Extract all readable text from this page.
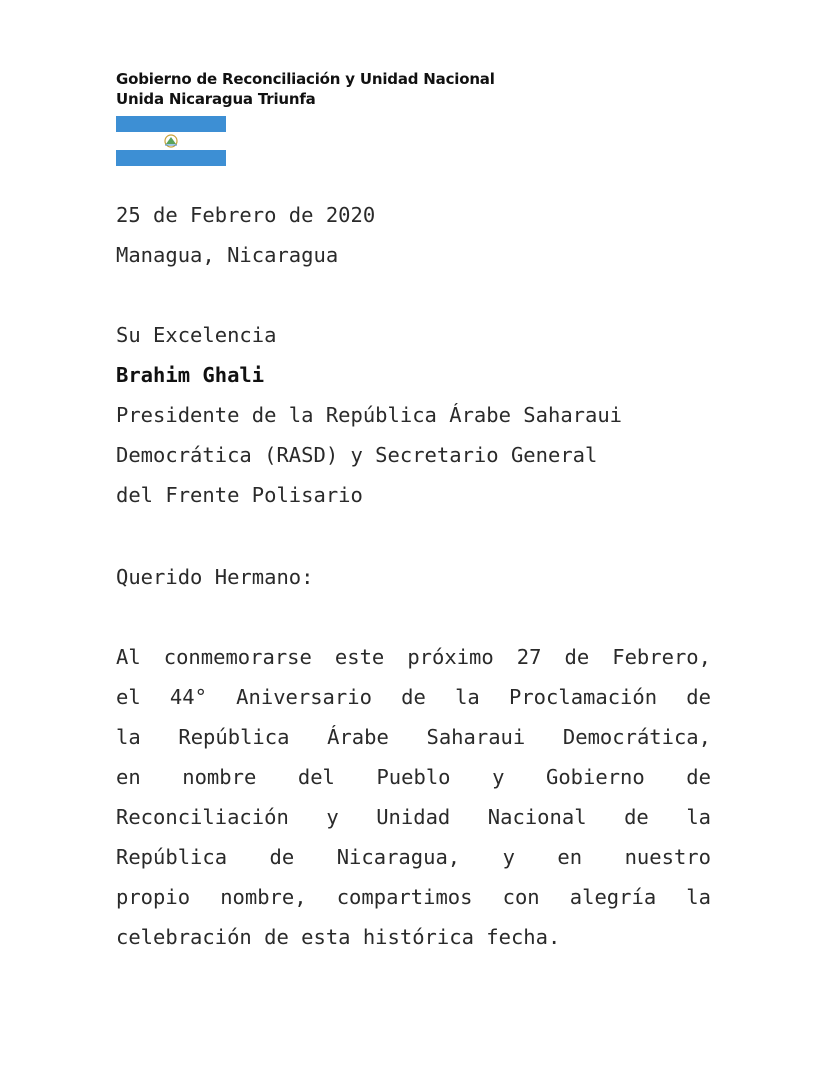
Gobierno de Reconciliación y Unidad Nacional
Unida Nicaragua Triunfa
25 de Febrero de 2020
Managua, Nicaragua
Su Excelencia
Brahim Ghali
Presidente de la República Árabe Saharaui
Democrática (RASD) y Secretario General
del Frente Polisario
Querido Hermano:
Al conmemorarse este próximo 27 de Febrero,
el 44° Aniversario de la Proclamación de
la República Árabe Saharaui Democrática,
en nombre del Pueblo y Gobierno de
Reconciliación y Unidad Nacional de la
República de Nicaragua, y en nuestro
propio nombre, compartimos con alegría la
celebración de esta histórica fecha.
